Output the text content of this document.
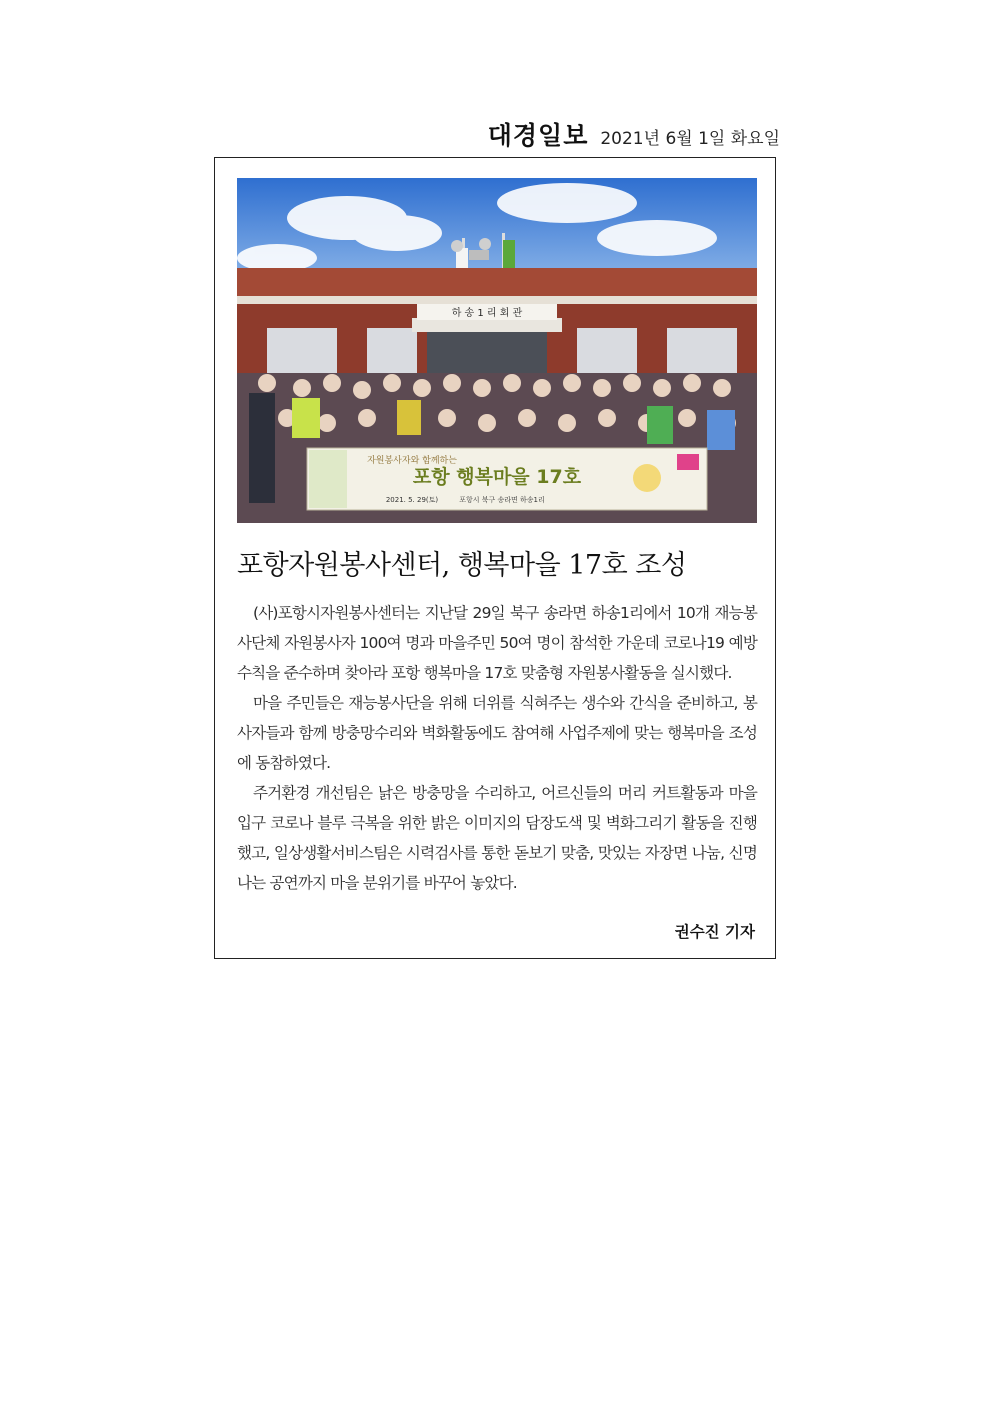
대경일보 2021년 6월 1일 화요일
하 송 1 리 회 관
자원봉사자와 함께하는
포항 행복마을 17호
2021. 5. 29(토)	포항시 북구 송라면 하송1리
포항자원봉사센터, 행복마을 17호 조성

(사)포항시자원봉사센터는 지난달 29일 북구 송라면 하송1리에서 10개 재능봉사단체 자원봉사자 100여 명과 마을주민 50여 명이 참석한 가운데 코로나19 예방수칙을 준수하며 찾아라 포항 행복마을 17호 맞춤형 자원봉사활동을 실시했다.

마을 주민들은 재능봉사단을 위해 더위를 식혀주는 생수와 간식을 준비하고, 봉사자들과 함께 방충망수리와 벽화활동에도 참여해 사업주제에 맞는 행복마을 조성에 동참하였다.

주거환경 개선팀은 낡은 방충망을 수리하고, 어르신들의 머리 커트활동과 마을 입구 코로나 블루 극복을 위한 밝은 이미지의 담장도색 및 벽화그리기 활동을 진행했고, 일상생활서비스팀은 시력검사를 통한 돋보기 맞춤, 맛있는 자장면 나눔, 신명나는 공연까지 마을 분위기를 바꾸어 놓았다.

권수진 기자
